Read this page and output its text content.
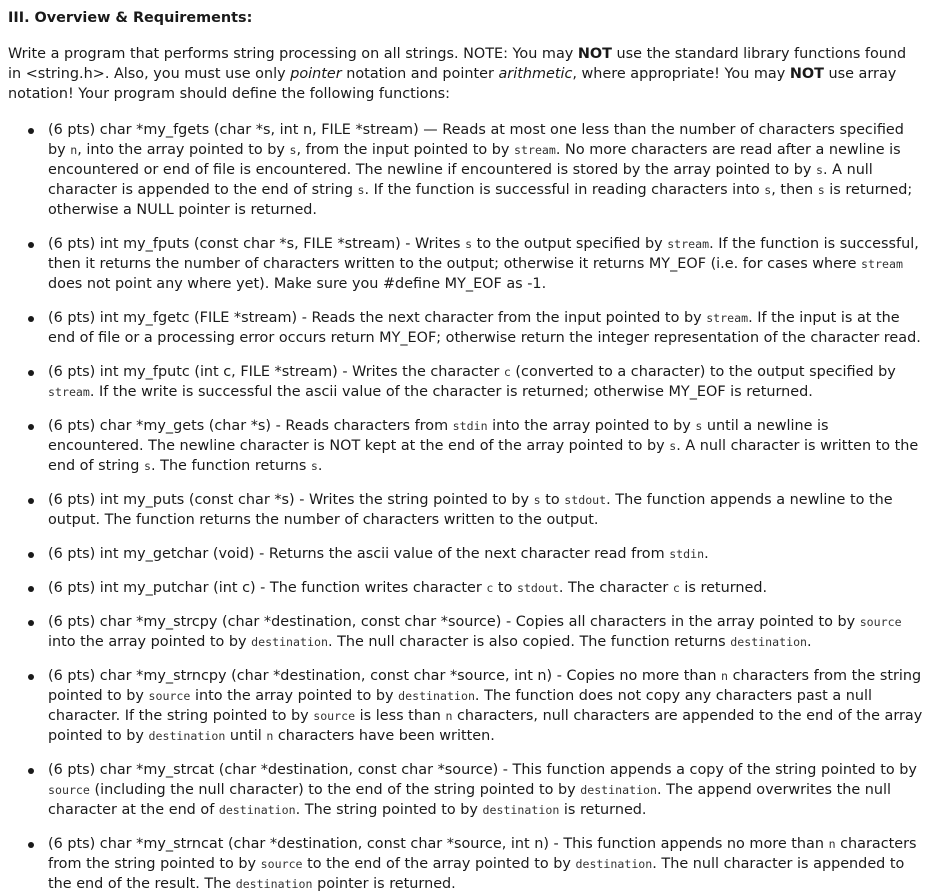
III. Overview & Requirements:

Write a program that performs string processing on all strings. NOTE: You may NOT use the standard library functions found in <string.h>. Also, you must use only pointer notation and pointer arithmetic, where appropriate! You may NOT use array notation! Your program should define the following functions:

(6 pts) char *my_fgets (char *s, int n, FILE *stream) — Reads at most one less than the number of characters specified by n, into the array pointed to by s, from the input pointed to by stream. No more characters are read after a newline is encountered or end of file is encountered. The newline if encountered is stored by the array pointed to by s. A null character is appended to the end of string s. If the function is successful in reading characters into s, then s is returned; otherwise a NULL pointer is returned.
(6 pts) int my_fputs (const char *s, FILE *stream) - Writes s to the output specified by stream. If the function is successful, then it returns the number of characters written to the output; otherwise it returns MY_EOF (i.e. for cases where stream does not point any where yet). Make sure you #define MY_EOF as -1.
(6 pts) int my_fgetc (FILE *stream) - Reads the next character from the input pointed to by stream. If the input is at the end of file or a processing error occurs return MY_EOF; otherwise return the integer representation of the character read.
(6 pts) int my_fputc (int c, FILE *stream) - Writes the character c (converted to a character) to the output specified by stream. If the write is successful the ascii value of the character is returned; otherwise MY_EOF is returned.
(6 pts) char *my_gets (char *s) - Reads characters from stdin into the array pointed to by s until a newline is encountered. The newline character is NOT kept at the end of the array pointed to by s. A null character is written to the end of string s. The function returns s.
(6 pts) int my_puts (const char *s) - Writes the string pointed to by s to stdout. The function appends a newline to the output. The function returns the number of characters written to the output.
(6 pts) int my_getchar (void) - Returns the ascii value of the next character read from stdin.
(6 pts) int my_putchar (int c) - The function writes character c to stdout. The character c is returned.
(6 pts) char *my_strcpy (char *destination, const char *source) - Copies all characters in the array pointed to by source into the array pointed to by destination. The null character is also copied. The function returns destination.
(6 pts) char *my_strncpy (char *destination, const char *source, int n) - Copies no more than n characters from the string pointed to by source into the array pointed to by destination. The function does not copy any characters past a null character. If the string pointed to by source is less than n characters, null characters are appended to the end of the array pointed to by destination until n characters have been written.
(6 pts) char *my_strcat (char *destination, const char *source) - This function appends a copy of the string pointed to by source (including the null character) to the end of the string pointed to by destination. The append overwrites the null character at the end of destination. The string pointed to by destination is returned.
(6 pts) char *my_strncat (char *destination, const char *source, int n) - This function appends no more than n characters from the string pointed to by source to the end of the array pointed to by destination. The null character is appended to the end of the result. The destination pointer is returned.
